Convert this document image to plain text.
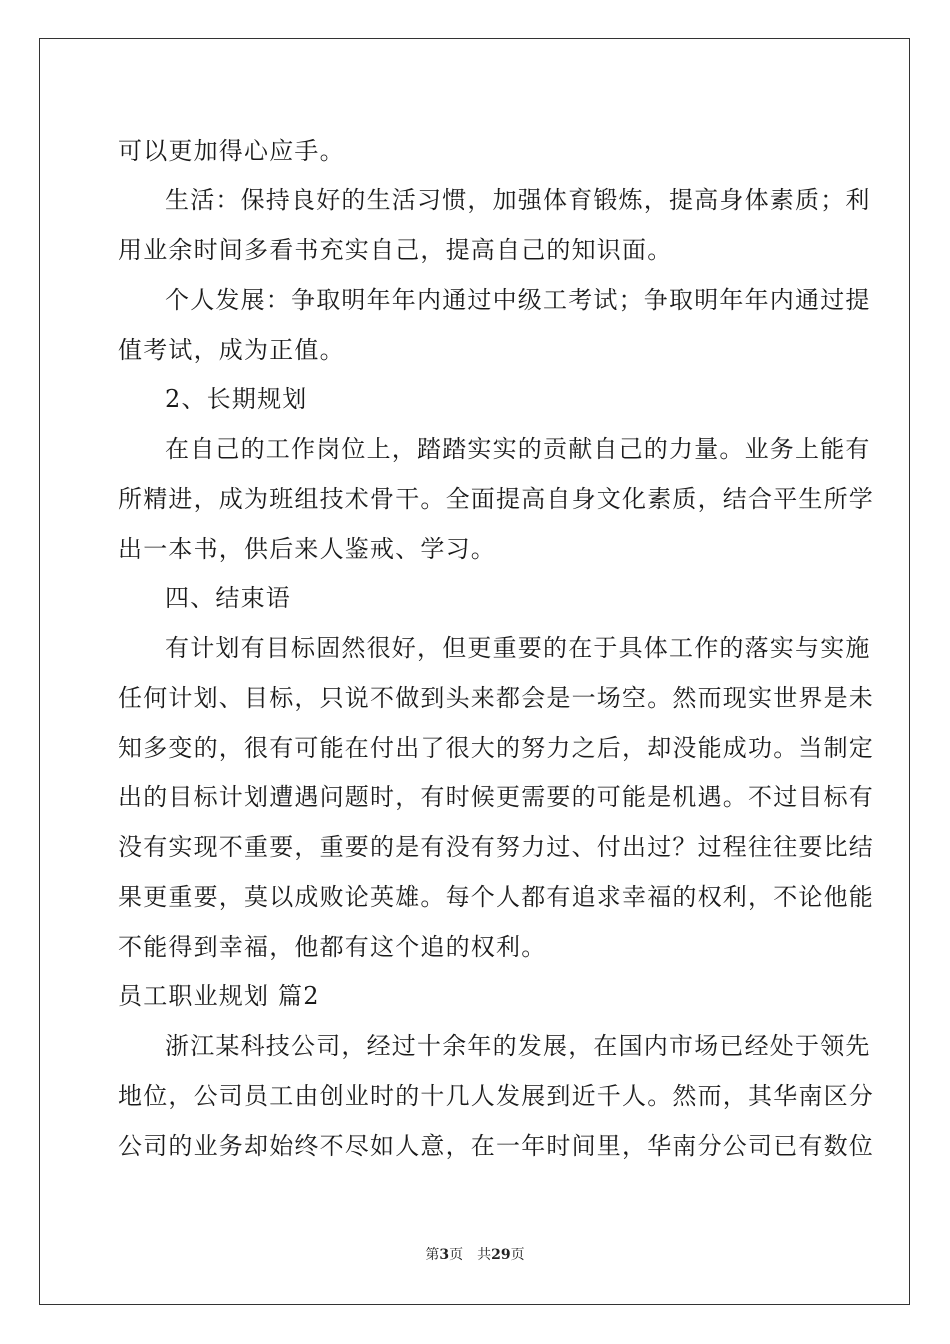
可以更加得心应手。
生活：保持良好的生活习惯，加强体育锻炼，提高身体素质；利
用业余时间多看书充实自己，提高自己的知识面。
个人发展：争取明年年内通过中级工考试；争取明年年内通过提
值考试，成为正值。
2、长期规划
在自己的工作岗位上，踏踏实实的贡献自己的力量。业务上能有
所精进，成为班组技术骨干。全面提高自身文化素质，结合平生所学
出一本书，供后来人鉴戒、学习。
四、结束语
有计划有目标固然很好，但更重要的在于具体工作的落实与实施
任何计划、目标，只说不做到头来都会是一场空。然而现实世界是未
知多变的，很有可能在付出了很大的努力之后，却没能成功。当制定
出的目标计划遭遇问题时，有时候更需要的可能是机遇。不过目标有
没有实现不重要，重要的是有没有努力过、付出过？过程往往要比结
果更重要，莫以成败论英雄。每个人都有追求幸福的权利，不论他能
不能得到幸福，他都有这个追的权利。
员工职业规划 篇2
浙江某科技公司，经过十余年的发展，在国内市场已经处于领先
地位，公司员工由创业时的十几人发展到近千人。然而，其华南区分
公司的业务却始终不尽如人意，在一年时间里，华南分公司已有数位
第3页 共29页
